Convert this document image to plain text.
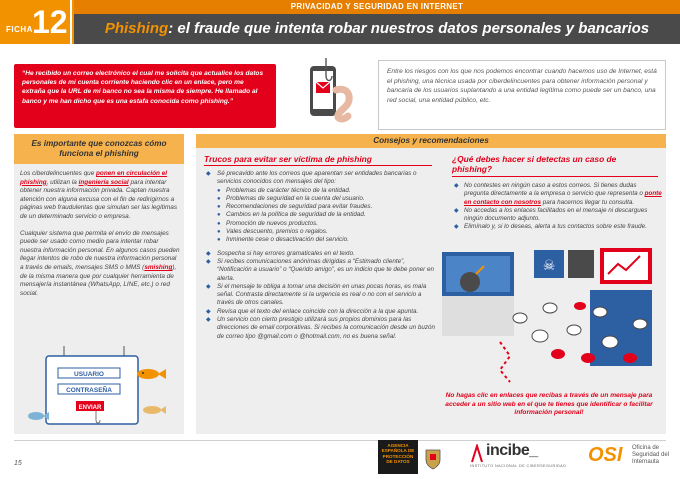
FICHA 12	PRIVACIDAD Y SEGURIDAD EN INTERNET
Phishing: el fraude que intenta robar nuestros datos personales y bancarios
“He recibido un correo electrónico el cual me solicita que actualice los datos personales de mi cuenta corriente haciendo clic en un enlace, pero me extraña que la URL de mi banco no sea la misma de siempre. He llamado al banco y me han dicho que es una estafa conocida como phishing.”
Entre los riesgos con los que nos podemos encontrar cuando hacemos uso de Internet, está el phishing, una técnica usada por ciberdelincuentes para obtener información personal y bancaria de los usuarios suplantando a una entidad legítima como puede ser un banco, una red social, una entidad público, etc.
Es importante que conozcas cómo funciona el phishing

Los ciberdelincuentes que ponen en circulación el phishing, utilizan la ingeniería social para intentar obtener nuestra información privada. Captan nuestra atención con alguna excusa con el fin de redirigirnos a páginas web fraudulentas que simulan ser las legítimas de un determinado servicio o empresa.

Cualquier sistema que permita el envío de mensajes puede ser usado como medio para intentar robar nuestra información personal. En algunos casos pueden llegar intentos de robo de nuestra información personal a través de emails, mensajes SMS o MMS (smishing), de la misma manera que por cualquier herramienta de mensajería instantánea (WhatsApp, LINE, etc.) o red social.

USUARIO
CONTRASEÑA
ENVIAR
Consejos y recomendaciones
Trucos para evitar ser víctima de phishing
◆ Sé precavido ante los correos que aparentan ser entidades bancarias o servicios conocidos con mensajes del tipo:
● Problemas de carácter técnico de la entidad.
● Problemas de seguridad en la cuenta del usuario.
● Recomendaciones de seguridad para evitar fraudes.
● Cambios en la política de seguridad de la entidad.
● Promoción de nuevos productos.
● Vales descuento, premios o regalos.
● Inminente cese o desactivación del servicio.
◆ Sospecha si hay errores gramaticales en el texto.
◆ Si recibes comunicaciones anónimas dirigidas a “Estimado cliente”, “Notificación a usuario” o “Querido amigo”, es un indicio que te debe poner en alerta.
◆ Si el mensaje te obliga a tomar una decisión en unas pocas horas, es mala señal. Contrasta directamente si la urgencia es real o no con el servicio a través de otros canales.
◆ Revisa que el texto del enlace coincide con la dirección a la que apunta.
◆ Un servicio con cierto prestigio utilizará sus propios dominios para las direcciones de email corporativas. Si recibes la comunicación desde un buzón de correo tipo @gmail.com o @hotmail.com, no es buena señal.
¿Qué debes hacer si detectas un caso de phishing?
◆ No contestes en ningún caso a estos correos. Si tienes dudas pregunta directamente a la empresa o servicio que representa o ponte en contacto con nosotros para hacernos llegar tu consulta.
◆ No accedas a los enlaces facilitados en el mensaje ni descargues ningún documento adjunto.
◆ Elimínalo y, si lo deseas, alerta a tus contactos sobre este fraude.
☠
No hagas clic en enlaces que recibas a través de un mensaje para acceder a un sitio web en el que te tienes que identificar o facilitar información personal!
15
AGENCIA ESPAÑOLA DE PROTECCIÓN DE DATOS
incibe_
INSTITUTO NACIONAL DE CIBERSEGURIDAD OSI Oficina de Seguridad del Internauta
